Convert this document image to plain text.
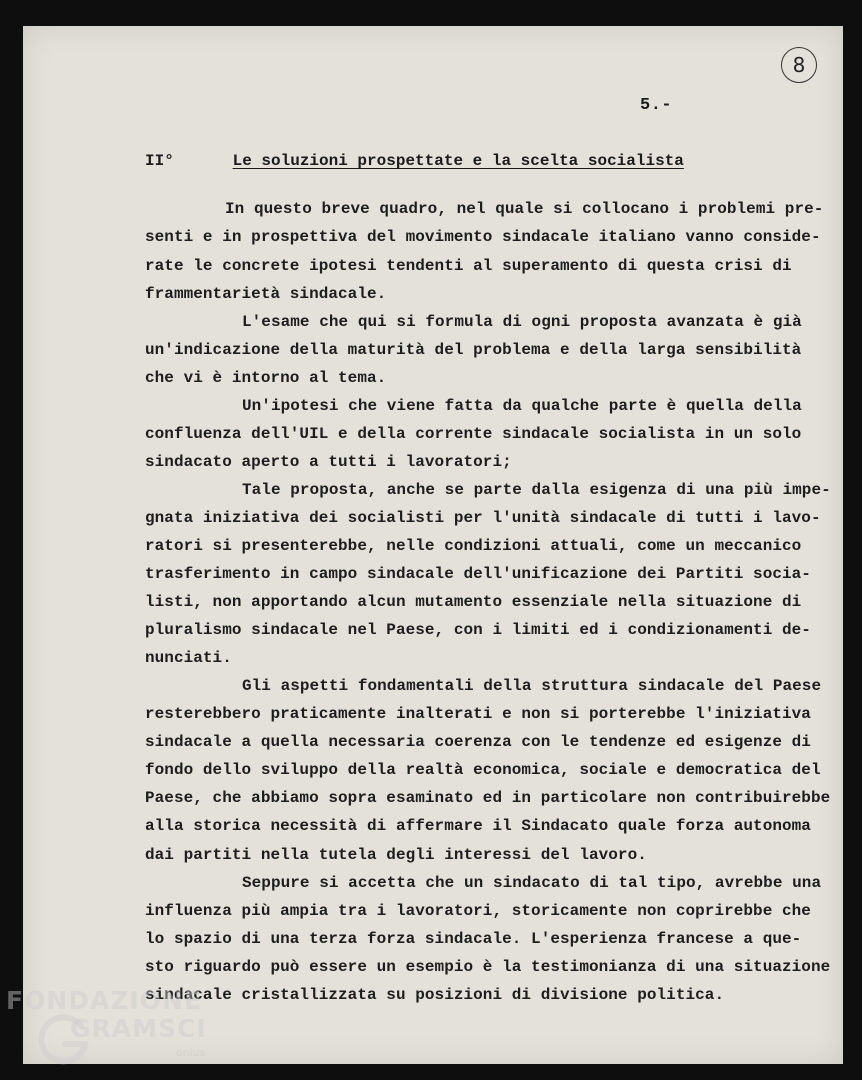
8
5.-
II°	Le soluzioni prospettate e la scelta socialista
In questo breve quadro, nel quale si collocano i problemi pre-
senti e in prospettiva del movimento sindacale italiano vanno conside-
rate le concrete ipotesi tendenti al superamento di questa crisi di
frammentarietà sindacale.
L'esame che qui si formula di ogni proposta avanzata è già
un'indicazione della maturità del problema e della larga sensibilità
che vi è intorno al tema.
Un'ipotesi che viene fatta da qualche parte è quella della
confluenza dell'UIL e della corrente sindacale socialista in un solo
sindacato aperto a tutti i lavoratori;
Tale proposta, anche se parte dalla esigenza di una più impe-
gnata iniziativa dei socialisti per l'unità sindacale di tutti i lavo-
ratori si presenterebbe, nelle condizioni attuali, come un meccanico
trasferimento in campo sindacale dell'unificazione dei Partiti socia-
listi, non apportando alcun mutamento essenziale nella situazione di
pluralismo sindacale nel Paese, con i limiti ed i condizionamenti de-
nunciati.
Gli aspetti fondamentali della struttura sindacale del Paese
resterebbero praticamente inalterati e non si porterebbe l'iniziativa
sindacale a quella necessaria coerenza con le tendenze ed esigenze di
fondo dello sviluppo della realtà economica, sociale e democratica del
Paese, che abbiamo sopra esaminato ed in particolare non contribuirebbe
alla storica necessità di affermare il Sindacato quale forza autonoma
dai partiti nella tutela degli interessi del lavoro.
Seppure si accetta che un sindacato di tal tipo, avrebbe una
influenza più ampia tra i lavoratori, storicamente non coprirebbe che
lo spazio di una terza forza sindacale. L'esperienza francese a que-
sto riguardo può essere un esempio è la testimonianza di una situazione
sindacale cristallizzata su posizioni di divisione politica.
FONDAZIONE
GRAMSCI
onlus
